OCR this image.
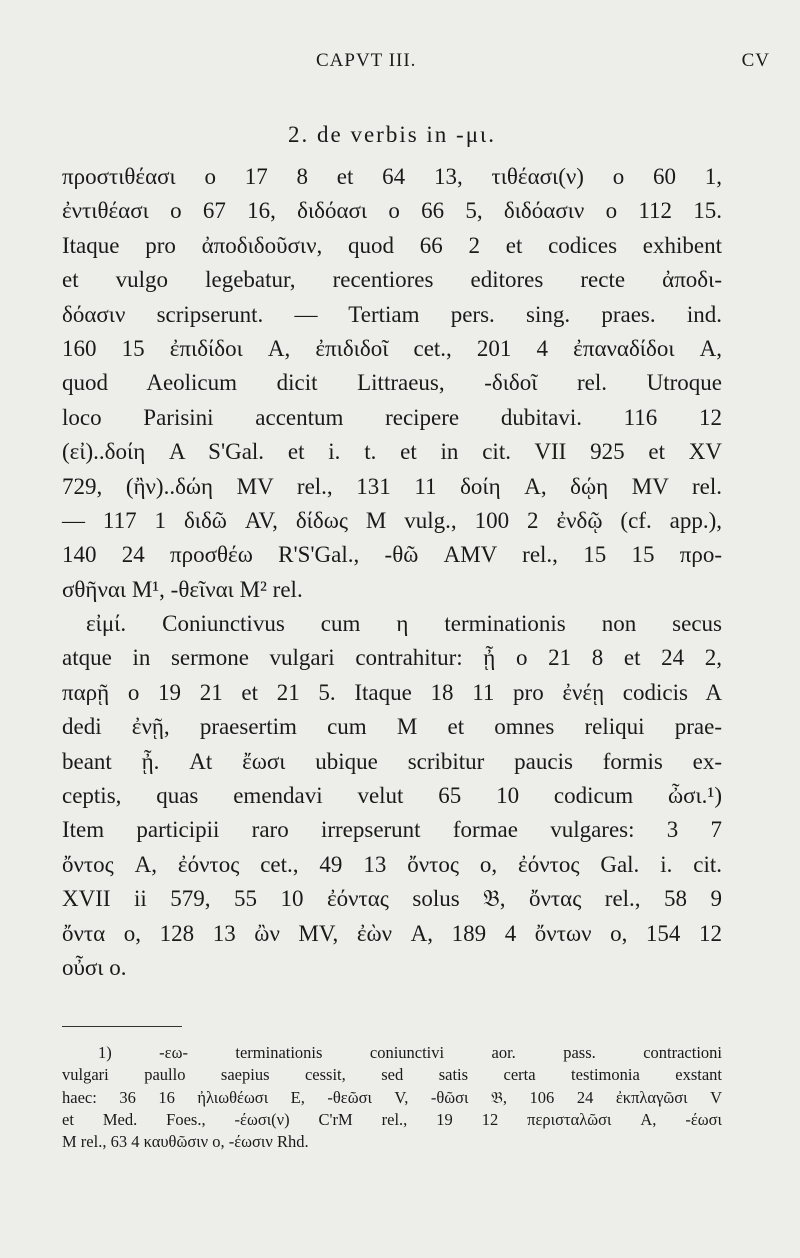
CAPVT III.	CV
2. de verbis in -μι.
προστιθέασι ο 17 8 et 64 13, τιθέασι(ν) ο 60 1,
ἐντιθέασι ο 67 16, διδόασι ο 66 5, διδόασιν ο 112 15.
Itaque pro ἀποδιδοῦσιν, quod 66 2 et codices exhibent
et vulgo legebatur, recentiores editores recte ἀποδι-
δόασιν scripserunt. — Tertiam pers. sing. praes. ind.
160 15 ἐπιδίδοι A, ἐπιδιδοῖ cet., 201 4 ἐπαναδίδοι A,
quod Aeolicum dicit Littraeus, -διδοῖ rel. Utroque
loco Parisini accentum recipere dubitavi. 116 12
(εἰ)..δοίη A S'Gal. et i. t. et in cit. VII 925 et XV
729, (ἢν)..δώη MV rel., 131 11 δοίη A, δῴη MV rel.
— 117 1 διδῶ AV, δίδως M vulg., 100 2 ἐνδῷ (cf. app.),
140 24 προσθέω R'S'Gal., -θῶ AMV rel., 15 15 προ-
σθῆναι M¹, -θεῖναι M² rel.
εἰμί. Coniunctivus cum η terminationis non secus
atque in sermone vulgari contrahitur: ᾖ ο 21 8 et 24 2,
παρῇ ο 19 21 et 21 5. Itaque 18 11 pro ἐνέῃ codicis A
dedi ἐνῇ, praesertim cum M et omnes reliqui prae-
beant ᾖ. At ἔωσι ubique scribitur paucis formis ex-
ceptis, quas emendavi velut 65 10 codicum ὦσι.¹)
Item participii raro irrepserunt formae vulgares: 3 7
ὄντος A, ἐόντος cet., 49 13 ὄντος ο, ἐόντος Gal. i. cit.
XVII ii 579, 55 10 ἐόντας solus 𝔅, ὄντας rel., 58 9
ὄντα ο, 128 13 ὢν MV, ἐὼν A, 189 4 ὄντων ο, 154 12
οὖσι ο.
1) -εω- terminationis coniunctivi aor. pass. contractioni
vulgari paullo saepius cessit, sed satis certa testimonia exstant
haec: 36 16 ἠλιωθέωσι E, -θεῶσι V, -θῶσι 𝔅, 106 24 ἐκπλαγῶσι V
et Med. Foes., -έωσι(ν) C'rM rel., 19 12 περισταλῶσι A, -έωσι
M rel., 63 4 καυθῶσιν ο, -έωσιν Rhd.
